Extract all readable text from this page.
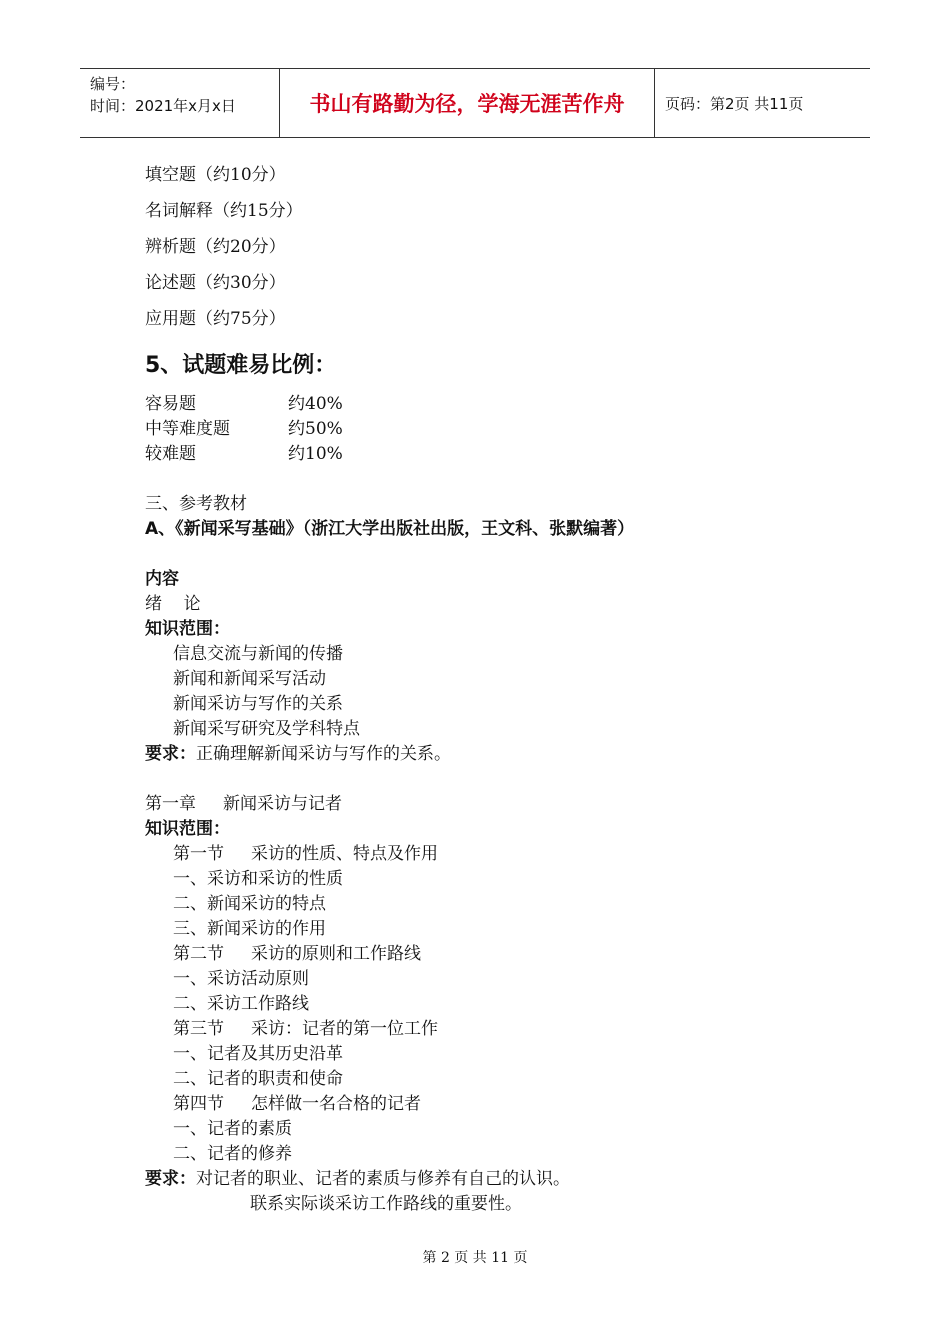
编号：
时间：2021年x月x日	书山有路勤为径，学海无涯苦作舟	页码：第2页 共11页
填空题（约10分）
名词解释（约15分）
辨析题（约20分）
论述题（约30分）
应用题（约75分）
5、试题难易比例：
容易题	约40%
中等难度题	约50%
较难题	约10%
三、参考教材
A、《新闻采写基础》（浙江大学出版社出版，王文科、张默编著）
内容
绪    论
知识范围：
信息交流与新闻的传播
新闻和新闻采写活动
新闻采访与写作的关系
新闻采写研究及学科特点
要求：正确理解新闻采访与写作的关系。
第一章     新闻采访与记者
知识范围：
第一节     采访的性质、特点及作用
一、采访和采访的性质
二、新闻采访的特点
三、新闻采访的作用
第二节     采访的原则和工作路线
一、采访活动原则
二、采访工作路线
第三节     采访：记者的第一位工作
一、记者及其历史沿革
二、记者的职责和使命
第四节     怎样做一名合格的记者
一、记者的素质
二、记者的修养
要求：对记者的职业、记者的素质与修养有自己的认识。
联系实际谈采访工作路线的重要性。
第 2 页 共 11 页
